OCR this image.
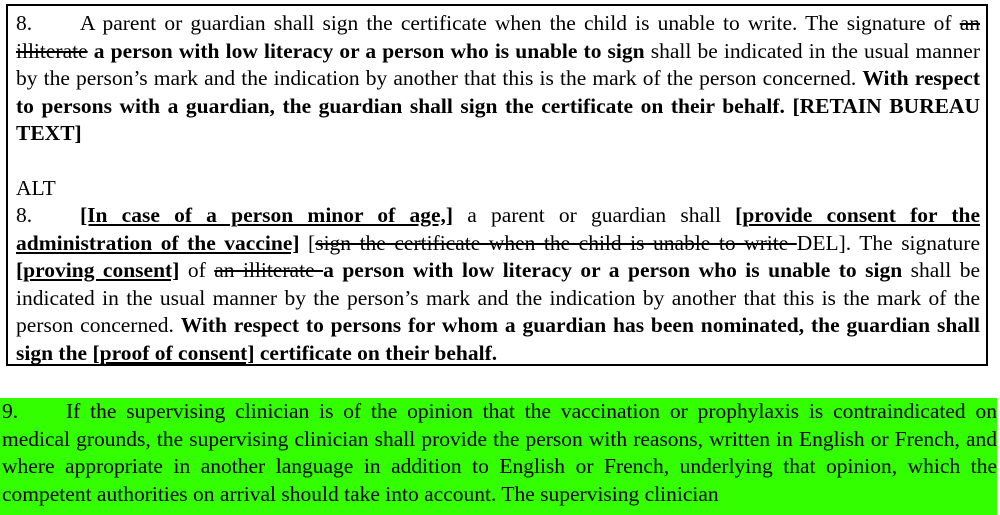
8. A parent or guardian shall sign the certificate when the child is unable to write. The signature of an illiterate a person with low literacy or a person who is unable to sign shall be indicated in the usual manner by the person’s mark and the indication by another that this is the mark of the person concerned. With respect to persons with a guardian, the guardian shall sign the certificate on their behalf. [RETAIN BUREAU TEXT]

ALT

8. [In case of a person minor of age,] a parent or guardian shall [provide consent for the administration of the vaccine] [sign the certificate when the child is unable to write DEL]. The signature [proving consent] of an illiterate a person with low literacy or a person who is unable to sign shall be indicated in the usual manner by the person’s mark and the indication by another that this is the mark of the person concerned. With respect to persons for whom a guardian has been nominated, the guardian shall sign the [proof of consent] certificate on their behalf.

9. If the supervising clinician is of the opinion that the vaccination or prophylaxis is contraindicated on medical grounds, the supervising clinician shall provide the person with reasons, written in English or French, and where appropriate in another language in addition to English or French, underlying that opinion, which the competent authorities on arrival should take into account. The supervising clinician
